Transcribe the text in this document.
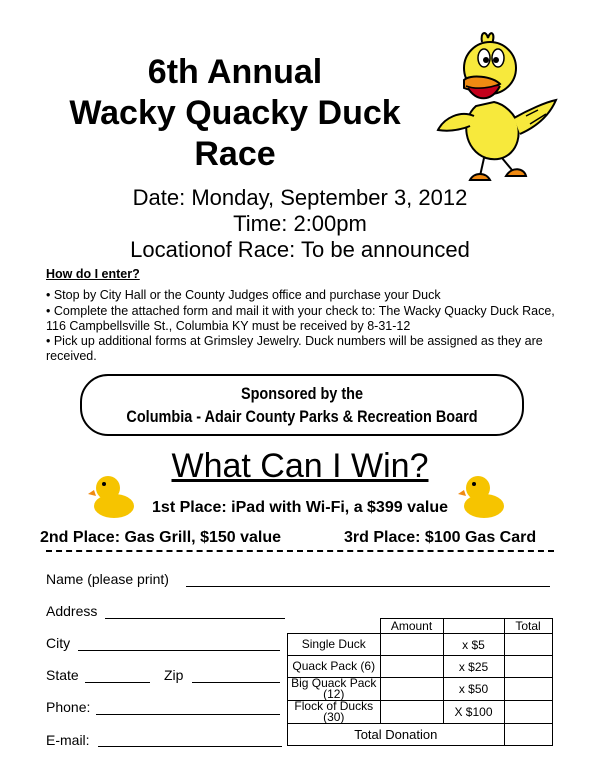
6th Annual
Wacky Quacky Duck
Race
Date: Monday, September 3, 2012
Time: 2:00pm
Locationof Race: To be announced
How do I enter?
• Stop by City Hall or the County Judges office and purchase your Duck
• Complete the attached form and mail it with your check to: The Wacky Quacky Duck Race, 116 Campbellsville St., Columbia KY must be received by 8-31-12
• Pick up additional forms at Grimsley Jewelry. Duck numbers will be assigned as they are received.
Sponsored by the
Columbia - Adair County Parks & Recreation Board
What Can I Win?
1st Place: iPad with Wi-Fi, a $399 value
2nd Place: Gas Grill, $150 value	3rd Place: $100 Gas Card
Name (please print)
Address
City
State	Zip
Phone:
E-mail:
	Amount		Total
Single Duck		x $5	
Quack Pack (6)		x $25	
Big Quack Pack (12)		x $50	
Flock of Ducks (30)		X $100	
Total Donation			
